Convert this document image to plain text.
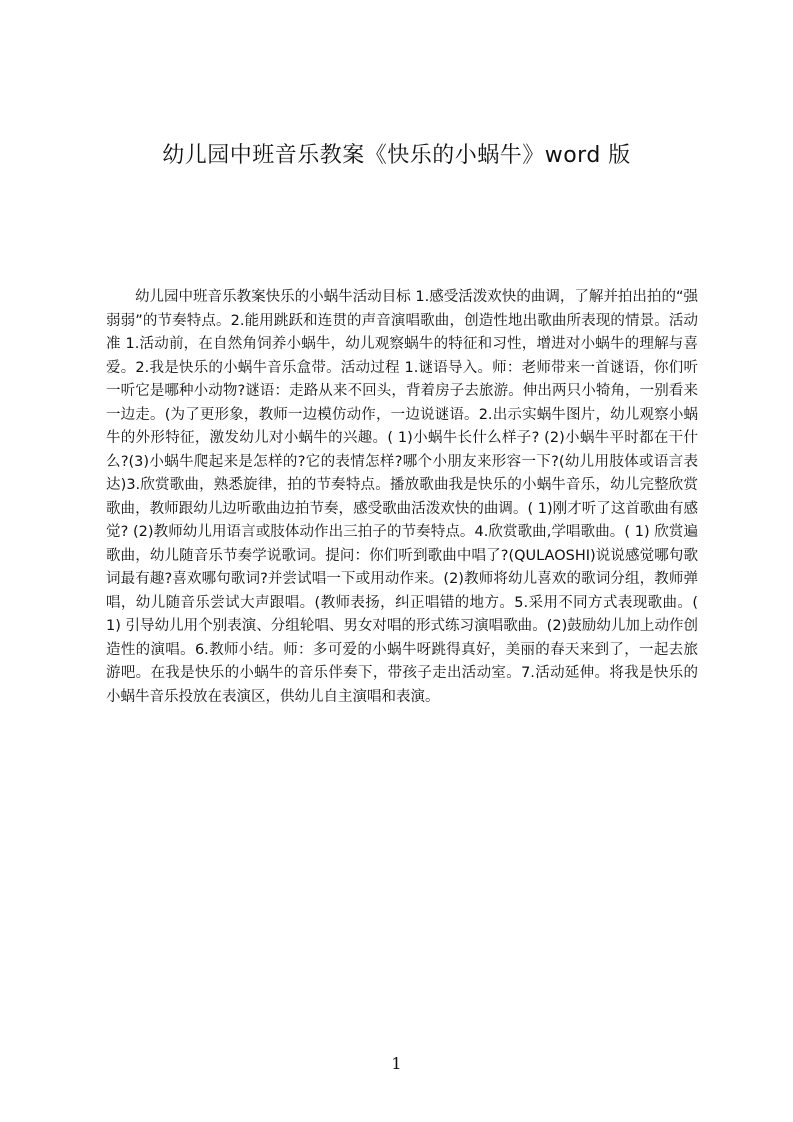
幼儿园中班音乐教案《快乐的小蜗牛》word 版

幼儿园中班音乐教案快乐的小蜗牛活动目标 1.感受活泼欢快的曲调，了解并拍出拍的“强弱弱”的节奏特点。2.能用跳跃和连贯的声音演唱歌曲，创造性地出歌曲所表现的情景。活动准 1.活动前，在自然角饲养小蜗牛，幼儿观察蜗牛的特征和习性，增进对小蜗牛的理解与喜爱。2.我是快乐的小蜗牛音乐盒带。活动过程 1.谜语导入。师：老师带来一首谜语，你们听一听它是哪种小动物?谜语：走路从来不回头，背着房子去旅游。伸出两只小犄角，一别看来一边走。(为了更形象，教师一边模仿动作，一边说谜语。2.出示实蜗牛图片，幼儿观察小蜗牛的外形特征，激发幼儿对小蜗牛的兴趣。( 1)小蜗牛长什么样子? (2)小蜗牛平时都在干什么?(3)小蜗牛爬起来是怎样的?它的表情怎样?哪个小朋友来形容一下?(幼儿用肢体或语言表达)3.欣赏歌曲，熟悉旋律，拍的节奏特点。播放歌曲我是快乐的小蜗牛音乐，幼儿完整欣赏歌曲，教师跟幼儿边听歌曲边拍节奏，感受歌曲活泼欢快的曲调。( 1)刚才听了这首歌曲有感觉? (2)教师幼儿用语言或肢体动作出三拍子的节奏特点。4.欣赏歌曲,学唱歌曲。( 1) 欣赏遍歌曲，幼儿随音乐节奏学说歌词。提问：你们听到歌曲中唱了?(QULAOSHI)说说感觉哪句歌词最有趣?喜欢哪句歌词?并尝试唱一下或用动作来。(2)教师将幼儿喜欢的歌词分组，教师弹唱，幼儿随音乐尝试大声跟唱。(教师表扬，纠正唱错的地方。5.采用不同方式表现歌曲。( 1) 引导幼儿用个别表演、分组轮唱、男女对唱的形式练习演唱歌曲。(2)鼓励幼儿加上动作创造性的演唱。6.教师小结。师：多可爱的小蜗牛呀跳得真好，美丽的春天来到了，一起去旅游吧。在我是快乐的小蜗牛的音乐伴奏下，带孩子走出活动室。7.活动延伸。将我是快乐的小蜗牛音乐投放在表演区，供幼儿自主演唱和表演。

1
